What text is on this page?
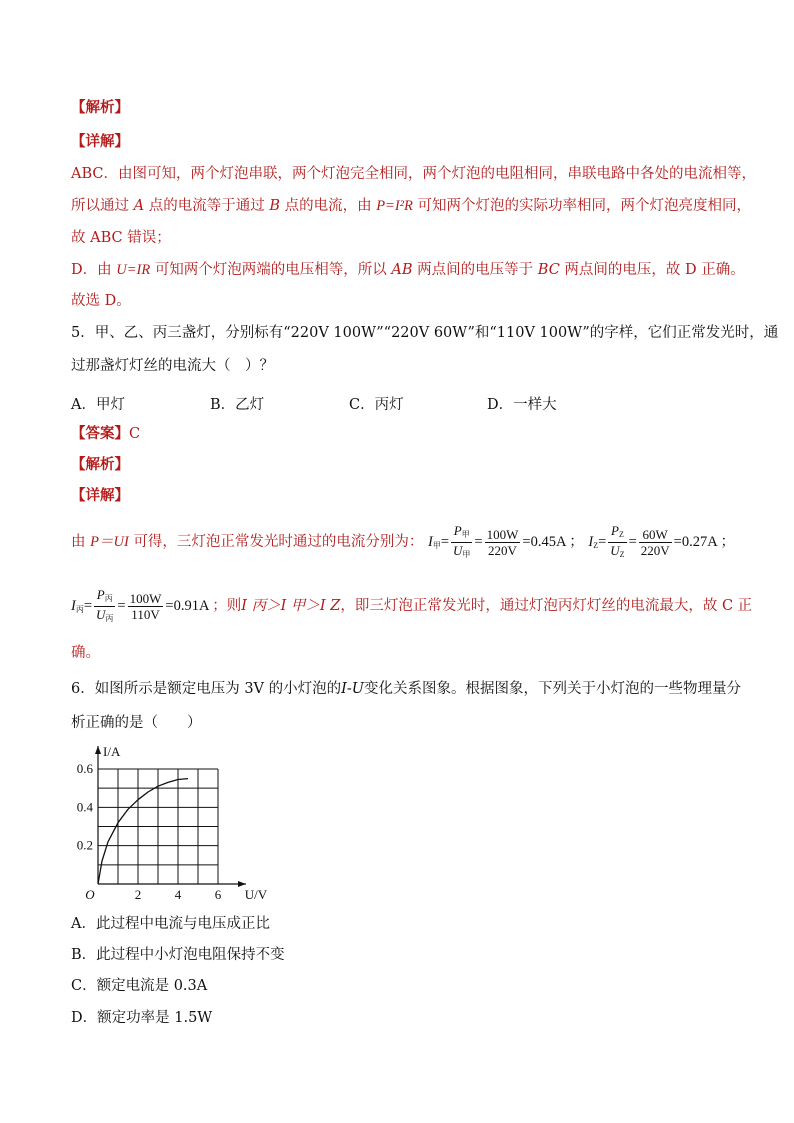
【解析】
【详解】
ABC．由图可知，两个灯泡串联，两个灯泡完全相同，两个灯泡的电阻相同，串联电路中各处的电流相等，
所以通过 A 点的电流等于通过 B 点的电流，由 P=I²R 可知两个灯泡的实际功率相同，两个灯泡亮度相同，
故 ABC 错误；
D．由 U=IR 可知两个灯泡两端的电压相等，所以 AB 两点间的电压等于 BC 两点间的电压，故 D 正确。
故选 D。
5．甲、乙、丙三盏灯，分别标有“220V 100W”“220V 60W”和“110V 100W”的字样，它们正常发光时，通
过那盏灯灯丝的电流大（　）？
A．甲灯	B．乙灯	C．丙灯	D．一样大
【答案】C
【解析】
【详解】
由 P＝UI 可得，三灯泡正常发光时通过的电流分别为： $I_甲= \frac{P_甲}{U_甲} = \frac{100W}{220V} =0.45A$ ； $I_Z= \frac{P_Z}{U_Z} = \frac{60W}{220V} =0.27A$ ；
$I_丙= \frac{P_丙}{U_丙} = \frac{100W}{110V} =0.91A$ ；则I 丙＞I 甲＞I Z，即三灯泡正常发光时，通过灯泡丙灯灯丝的电流最大，故 C 正
确。
6．如图所示是额定电压为 3V 的小灯泡的I-U变化关系图象。根据图象，下列关于小灯泡的一些物理量分
析正确的是（　　）
2	4	6
0.2
0.4
0.6
O	U/V
I/A
A．此过程中电流与电压成正比
B．此过程中小灯泡电阻保持不变
C．额定电流是 0.3A
D．额定功率是 1.5W
